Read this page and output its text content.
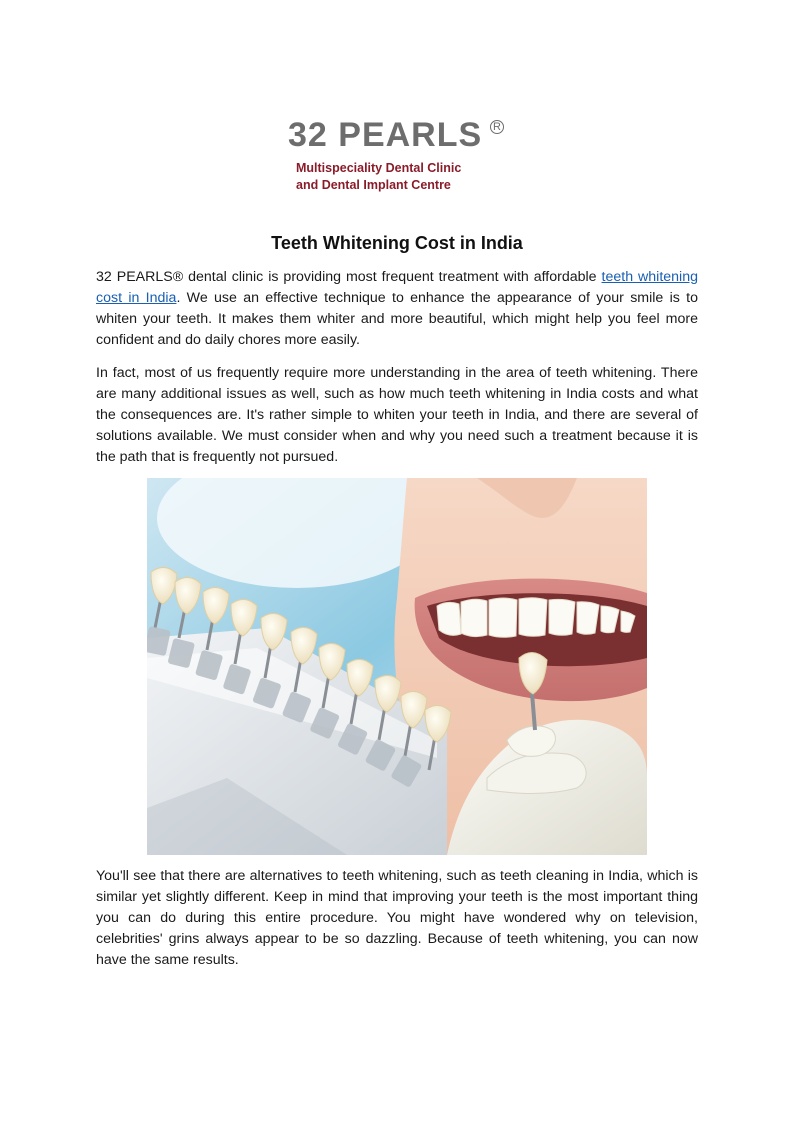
32 PEARLS R
Multispeciality Dental Clinic
and Dental Implant Centre
Teeth Whitening Cost in India

32 PEARLS® dental clinic is providing most frequent treatment with affordable teeth whitening cost in India. We use an effective technique to enhance the appearance of your smile is to whiten your teeth. It makes them whiter and more beautiful, which might help you feel more confident and do daily chores more easily.

In fact, most of us frequently require more understanding in the area of teeth whitening. There are many additional issues as well, such as how much teeth whitening in India costs and what the consequences are. It's rather simple to whiten your teeth in India, and there are several of solutions available. We must consider when and why you need such a treatment because it is the path that is frequently not pursued.

You'll see that there are alternatives to teeth whitening, such as teeth cleaning in India, which is similar yet slightly different. Keep in mind that improving your teeth is the most important thing you can do during this entire procedure. You might have wondered why on television, celebrities' grins always appear to be so dazzling. Because of teeth whitening, you can now have the same results.
